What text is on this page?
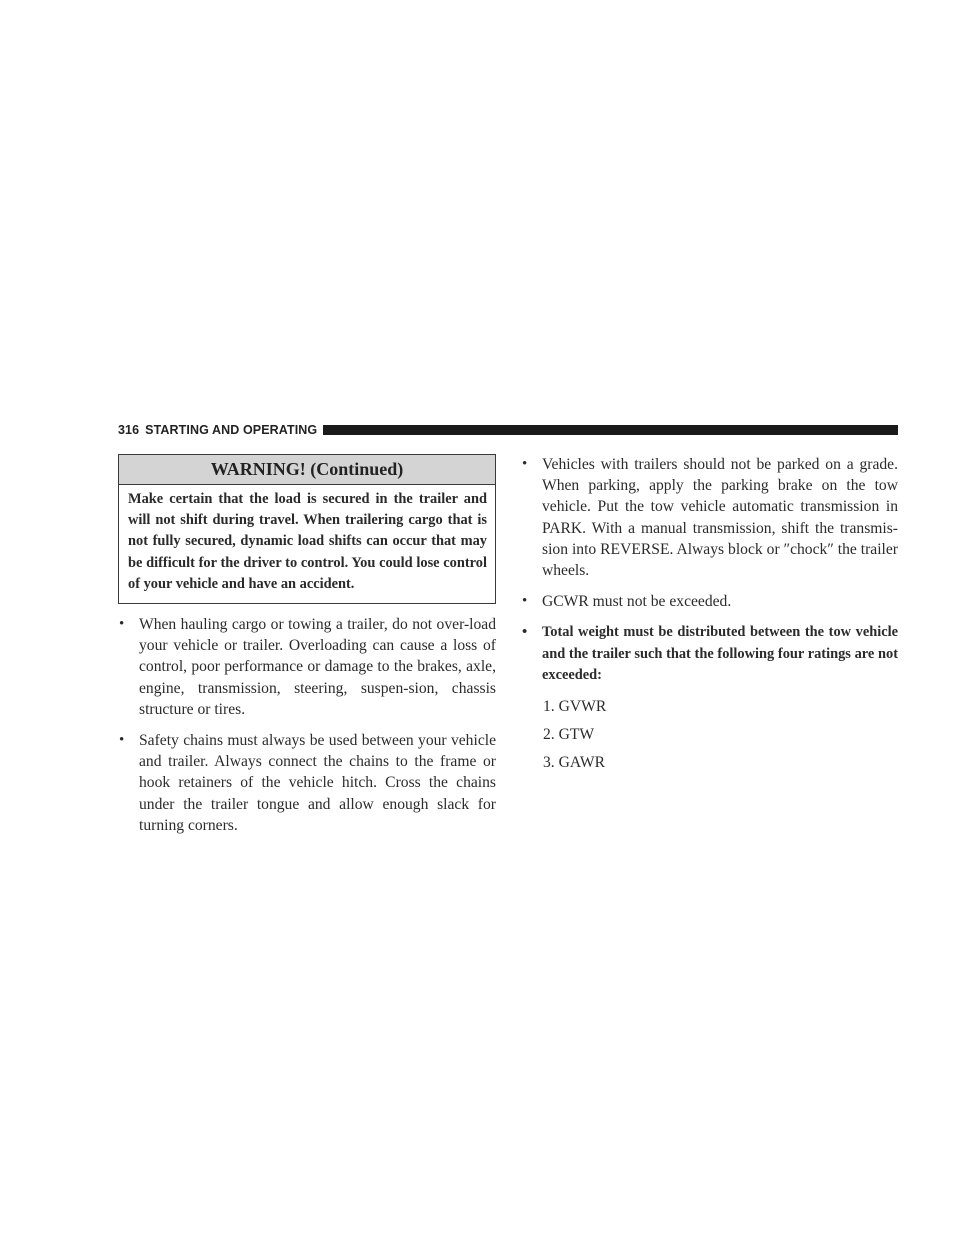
316 STARTING AND OPERATING
WARNING! (Continued)
Make certain that the load is secured in the trailer and will not shift during travel. When trailering cargo that is not fully secured, dynamic load shifts can occur that may be difficult for the driver to control. You could lose control of your vehicle and have an accident.
• When hauling cargo or towing a trailer, do not over-load your vehicle or trailer. Overloading can cause a loss of control, poor performance or damage to the brakes, axle, engine, transmission, steering, suspen-sion, chassis structure or tires.
• Safety chains must always be used between your vehicle and trailer. Always connect the chains to the frame or hook retainers of the vehicle hitch. Cross the chains under the trailer tongue and allow enough slack for turning corners.
• Vehicles with trailers should not be parked on a grade. When parking, apply the parking brake on the tow vehicle. Put the tow vehicle automatic transmission in PARK. With a manual transmission, shift the transmis-sion into REVERSE. Always block or ″chock″ the trailer wheels.
• GCWR must not be exceeded.
• Total weight must be distributed between the tow vehicle and the trailer such that the following four ratings are not exceeded:
1. GVWR
2. GTW
3. GAWR
